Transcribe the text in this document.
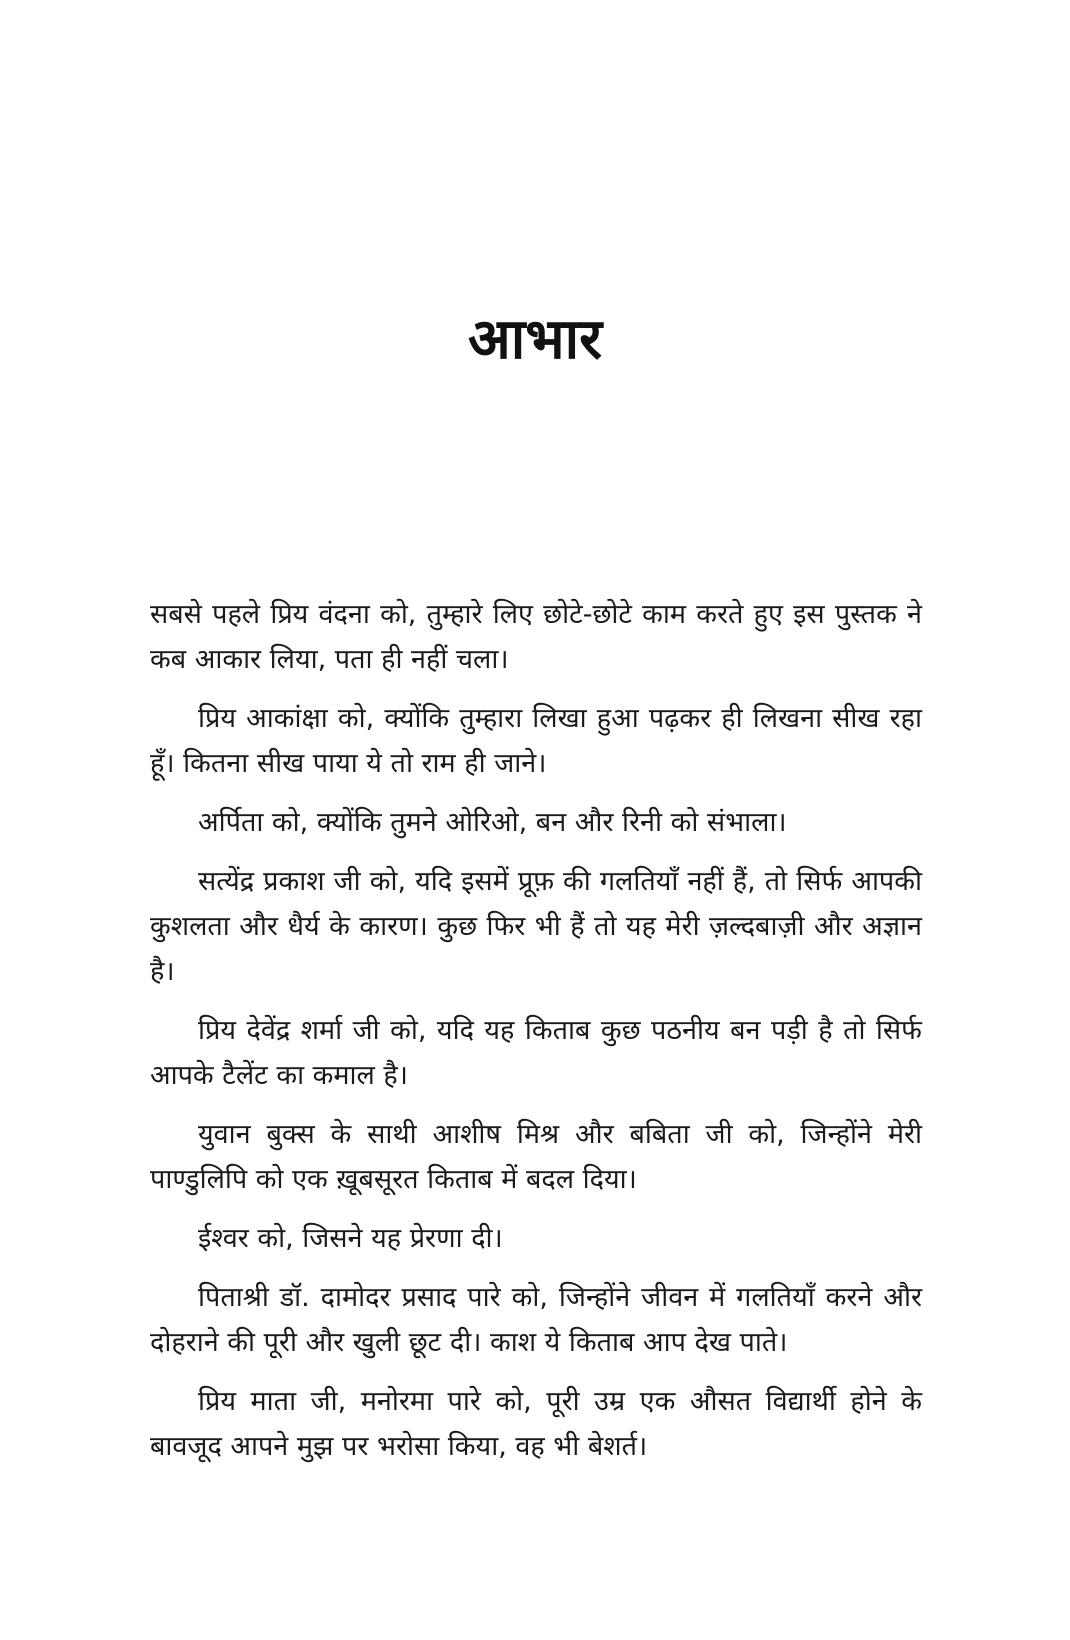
आभार

सबसे पहले प्रिय वंदना को, तुम्हारे लिए छोटे-छोटे काम करते हुए इस पुस्तक ने कब आकार लिया, पता ही नहीं चला।

प्रिय आकांक्षा को, क्योंकि तुम्हारा लिखा हुआ पढ़कर ही लिखना सीख रहा हूँ। कितना सीख पाया ये तो राम ही जाने।

अर्पिता को, क्योंकि तुमने ओरिओ, बन और रिनी को संभाला।

सत्येंद्र प्रकाश जी को, यदि इसमें प्रूफ़ की गलतियाँ नहीं हैं, तो सिर्फ आपकी कुशलता और धैर्य के कारण। कुछ फिर भी हैं तो यह मेरी ज़ल्दबाज़ी और अज्ञान है।

प्रिय देवेंद्र शर्मा जी को, यदि यह किताब कुछ पठनीय बन पड़ी है तो सिर्फ आपके टैलेंट का कमाल है।

युवान बुक्स के साथी आशीष मिश्र और बबिता जी को, जिन्होंने मेरी पाण्डुलिपि को एक ख़ूबसूरत किताब में बदल दिया।

ईश्वर को, जिसने यह प्रेरणा दी।

पिताश्री डॉ. दामोदर प्रसाद पारे को, जिन्होंने जीवन में गलतियाँ करने और दोहराने की पूरी और खुली छूट दी। काश ये किताब आप देख पाते।

प्रिय माता जी, मनोरमा पारे को, पूरी उम्र एक औसत विद्यार्थी होने के बावजूद आपने मुझ पर भरोसा किया, वह भी बेशर्त।
